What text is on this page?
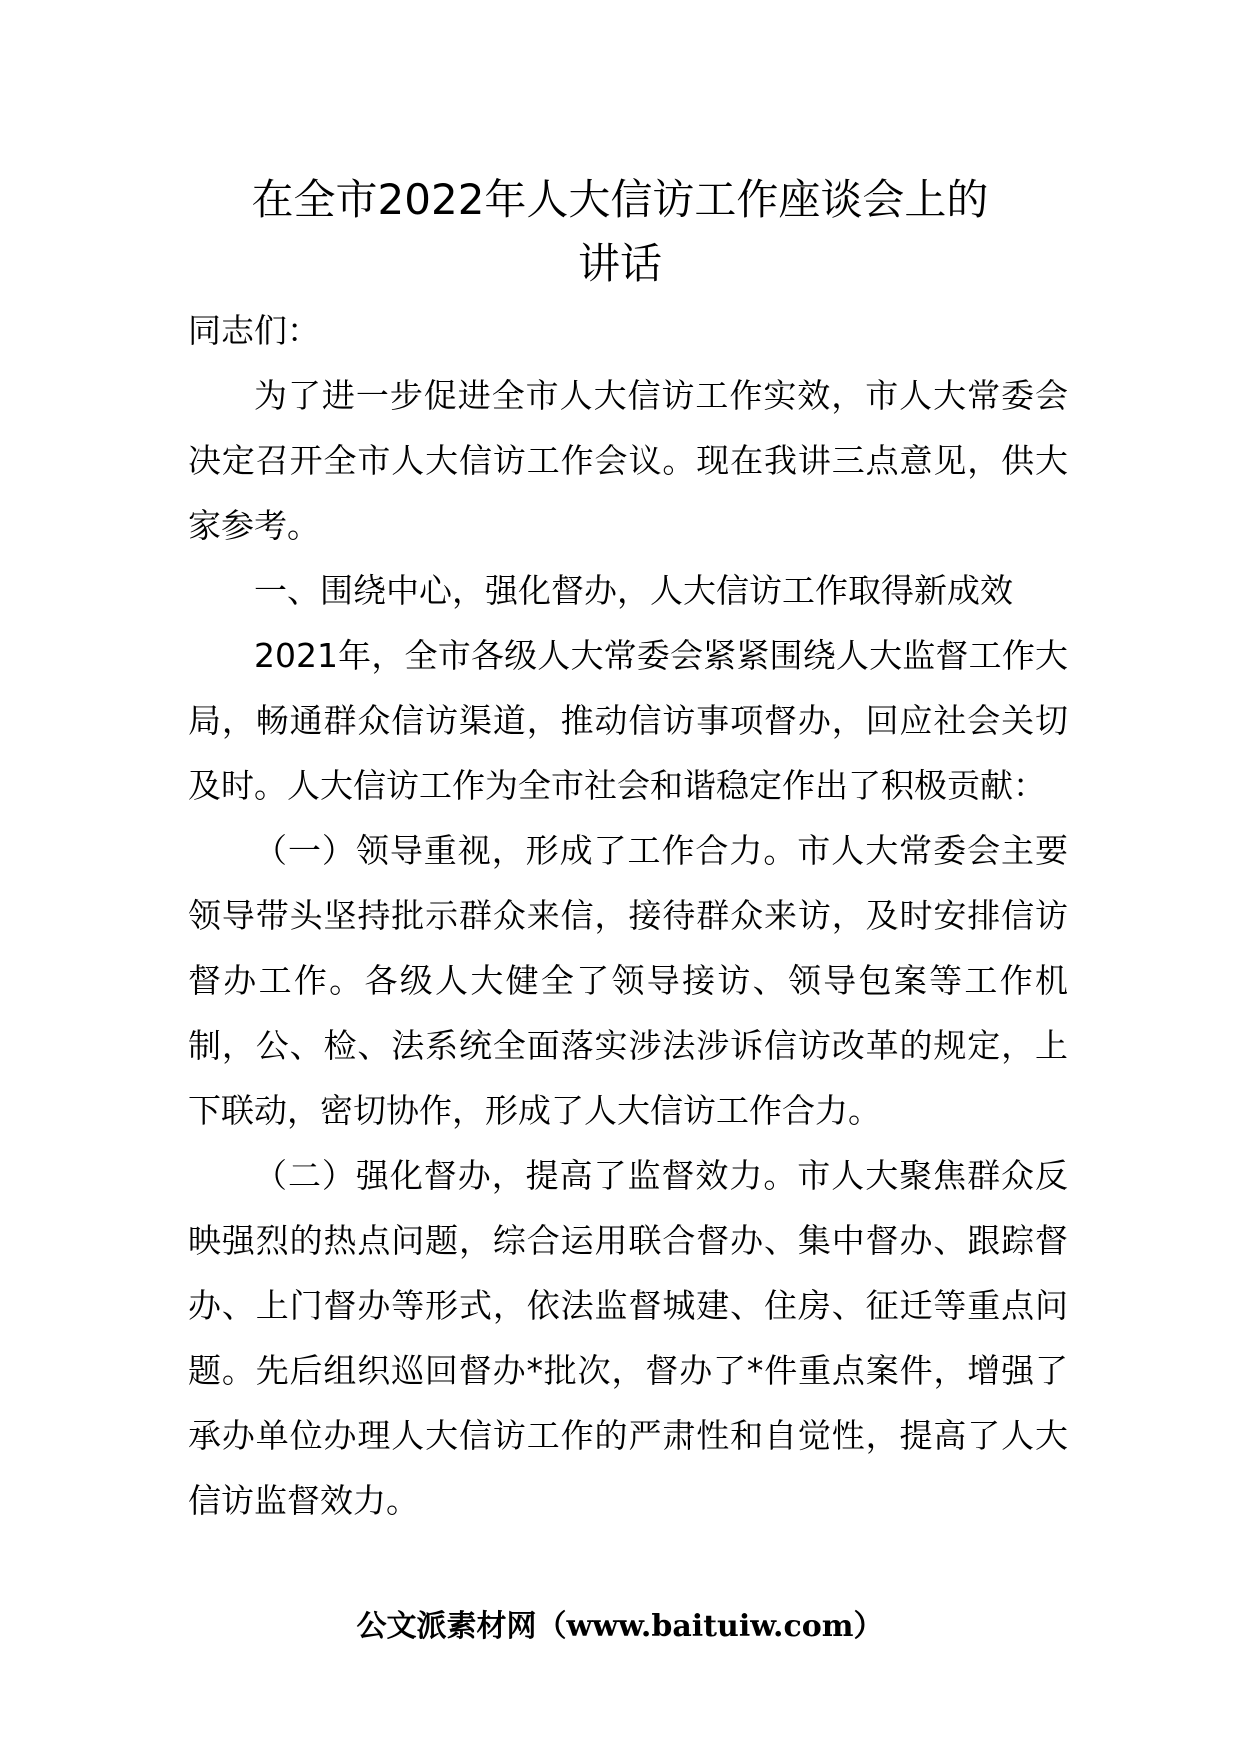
在全市2022年人大信访工作座谈会上的
讲话

同志们：

为了进一步促进全市人大信访工作实效，市人大常委会决定召开全市人大信访工作会议。现在我讲三点意见，供大家参考。

一、围绕中心，强化督办，人大信访工作取得新成效

2021年，全市各级人大常委会紧紧围绕人大监督工作大局，畅通群众信访渠道，推动信访事项督办，回应社会关切及时。人大信访工作为全市社会和谐稳定作出了积极贡献：

（一）领导重视，形成了工作合力。市人大常委会主要领导带头坚持批示群众来信，接待群众来访，及时安排信访督办工作。各级人大健全了领导接访、领导包案等工作机制，公、检、法系统全面落实涉法涉诉信访改革的规定，上下联动，密切协作，形成了人大信访工作合力。

（二）强化督办，提高了监督效力。市人大聚焦群众反映强烈的热点问题，综合运用联合督办、集中督办、跟踪督办、上门督办等形式，依法监督城建、住房、征迁等重点问题。先后组织巡回督办*批次，督办了*件重点案件，增强了承办单位办理人大信访工作的严肃性和自觉性，提高了人大信访监督效力。

公文派素材网（www.baituiw.com）
